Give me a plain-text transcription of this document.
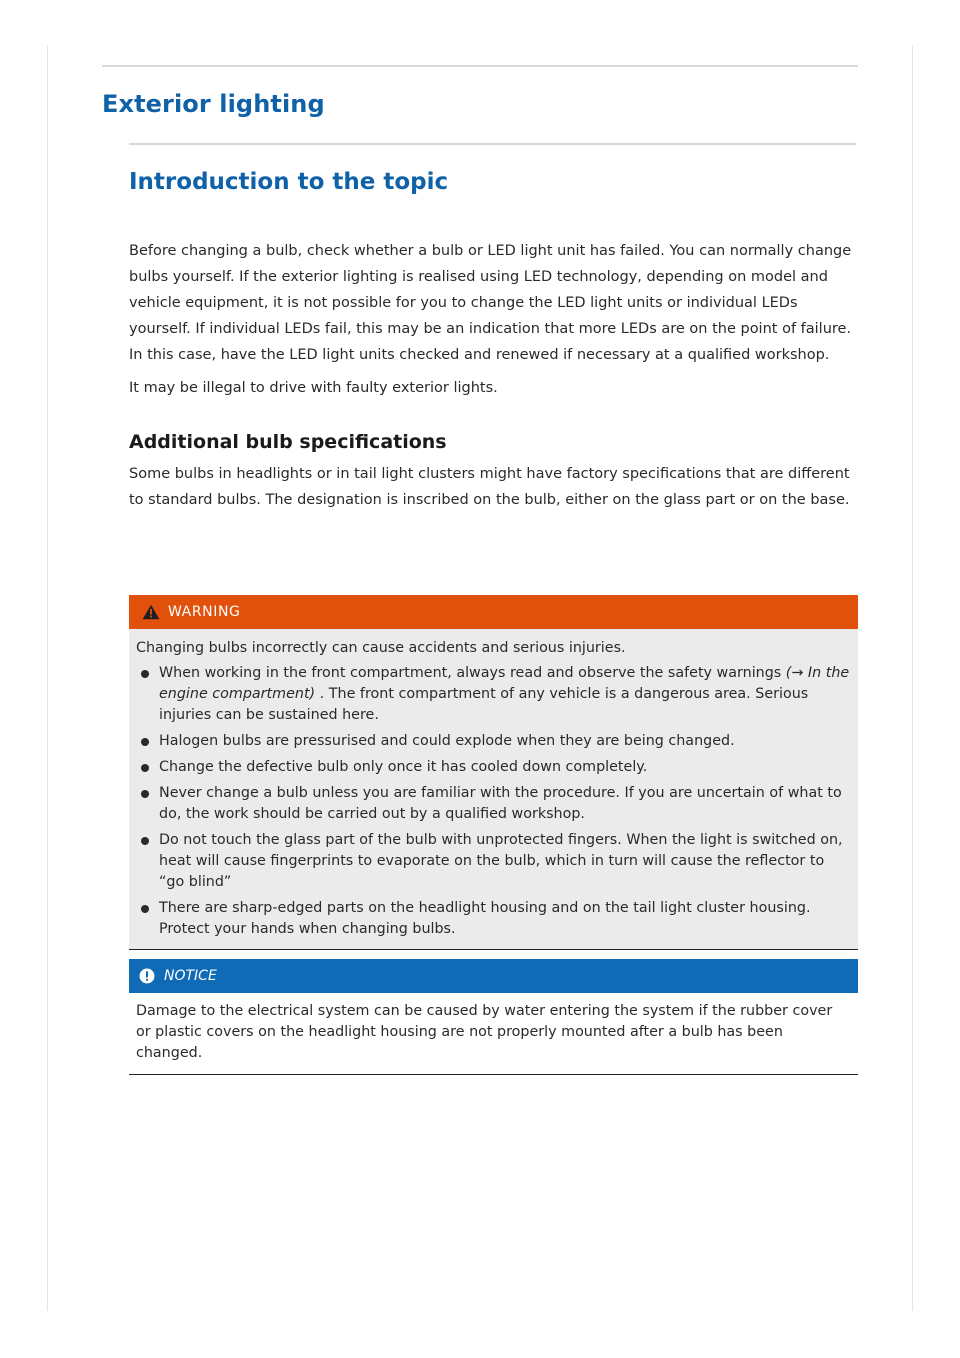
Exterior lighting
Introduction to the topic

Before changing a bulb, check whether a bulb or LED light unit has failed. You can normally change bulbs yourself. If the exterior lighting is realised using LED technology, depending on model and vehicle equipment, it is not possible for you to change the LED light units or individual LEDs yourself. If individual LEDs fail, this may be an indication that more LEDs are on the point of failure. In this case, have the LED light units checked and renewed if necessary at a qualified workshop.

It may be illegal to drive with faulty exterior lights.

Additional bulb specifications

Some bulbs in headlights or in tail light clusters might have factory specifications that are different to standard bulbs. The designation is inscribed on the bulb, either on the glass part or on the base.

WARNING

Changing bulbs incorrectly can cause accidents and serious injuries.

When working in the front compartment, always read and observe the safety warnings (→ In the engine compartment) . The front compartment of any vehicle is a dangerous area. Serious injuries can be sustained here.
Halogen bulbs are pressurised and could explode when they are being changed.
Change the defective bulb only once it has cooled down completely.
Never change a bulb unless you are familiar with the procedure. If you are uncertain of what to do, the work should be carried out by a qualified workshop.
Do not touch the glass part of the bulb with unprotected fingers. When the light is switched on, heat will cause fingerprints to evaporate on the bulb, which in turn will cause the reflector to “go blind”
There are sharp-edged parts on the headlight housing and on the tail light cluster housing. Protect your hands when changing bulbs.
NOTICE

Damage to the electrical system can be caused by water entering the system if the rubber cover or plastic covers on the headlight housing are not properly mounted after a bulb has been changed.
